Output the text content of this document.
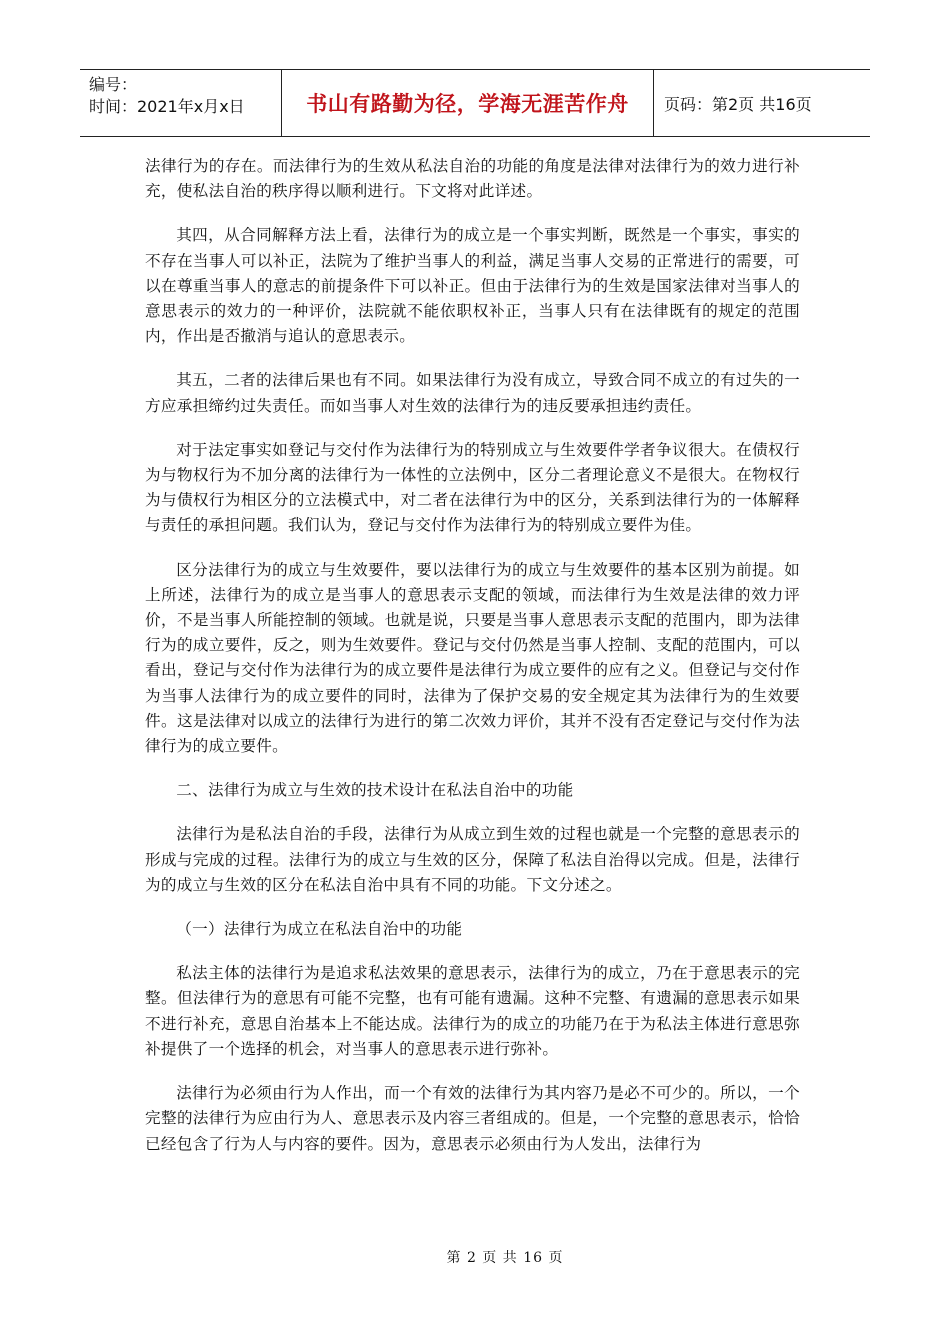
编号：
时间：2021年x月x日	书山有路勤为径，学海无涯苦作舟 页码：第2页 共16页

法律行为的存在。而法律行为的生效从私法自治的功能的角度是法律对法律行为的效力进行补充，使私法自治的秩序得以顺利进行。下文将对此详述。

其四，从合同解释方法上看，法律行为的成立是一个事实判断，既然是一个事实，事实的不存在当事人可以补正，法院为了维护当事人的利益，满足当事人交易的正常进行的需要，可以在尊重当事人的意志的前提条件下可以补正。但由于法律行为的生效是国家法律对当事人的意思表示的效力的一种评价，法院就不能依职权补正，当事人只有在法律既有的规定的范围内，作出是否撤消与追认的意思表示。

其五，二者的法律后果也有不同。如果法律行为没有成立，导致合同不成立的有过失的一方应承担缔约过失责任。而如当事人对生效的法律行为的违反要承担违约责任。

对于法定事实如登记与交付作为法律行为的特别成立与生效要件学者争议很大。在债权行为与物权行为不加分离的法律行为一体性的立法例中，区分二者理论意义不是很大。在物权行为与债权行为相区分的立法模式中，对二者在法律行为中的区分，关系到法律行为的一体解释与责任的承担问题。我们认为，登记与交付作为法律行为的特别成立要件为佳。

区分法律行为的成立与生效要件，要以法律行为的成立与生效要件的基本区别为前提。如上所述，法律行为的成立是当事人的意思表示支配的领域，而法律行为生效是法律的效力评价，不是当事人所能控制的领域。也就是说，只要是当事人意思表示支配的范围内，即为法律行为的成立要件，反之，则为生效要件。登记与交付仍然是当事人控制、支配的范围内，可以看出，登记与交付作为法律行为的成立要件是法律行为成立要件的应有之义。但登记与交付作为当事人法律行为的成立要件的同时，法律为了保护交易的安全规定其为法律行为的生效要件。这是法律对以成立的法律行为进行的第二次效力评价，其并不没有否定登记与交付作为法律行为的成立要件。

二、法律行为成立与生效的技术设计在私法自治中的功能

法律行为是私法自治的手段，法律行为从成立到生效的过程也就是一个完整的意思表示的形成与完成的过程。法律行为的成立与生效的区分，保障了私法自治得以完成。但是，法律行为的成立与生效的区分在私法自治中具有不同的功能。下文分述之。

（一）法律行为成立在私法自治中的功能

私法主体的法律行为是追求私法效果的意思表示，法律行为的成立，乃在于意思表示的完整。但法律行为的意思有可能不完整，也有可能有遗漏。这种不完整、有遗漏的意思表示如果不进行补充，意思自治基本上不能达成。法律行为的成立的功能乃在于为私法主体进行意思弥补提供了一个选择的机会，对当事人的意思表示进行弥补。

法律行为必须由行为人作出，而一个有效的法律行为其内容乃是必不可少的。所以，一个完整的法律行为应由行为人、意思表示及内容三者组成的。但是，一个完整的意思表示，恰恰已经包含了行为人与内容的要件。因为，意思表示必须由行为人发出，法律行为

第 2 页 共 16 页
